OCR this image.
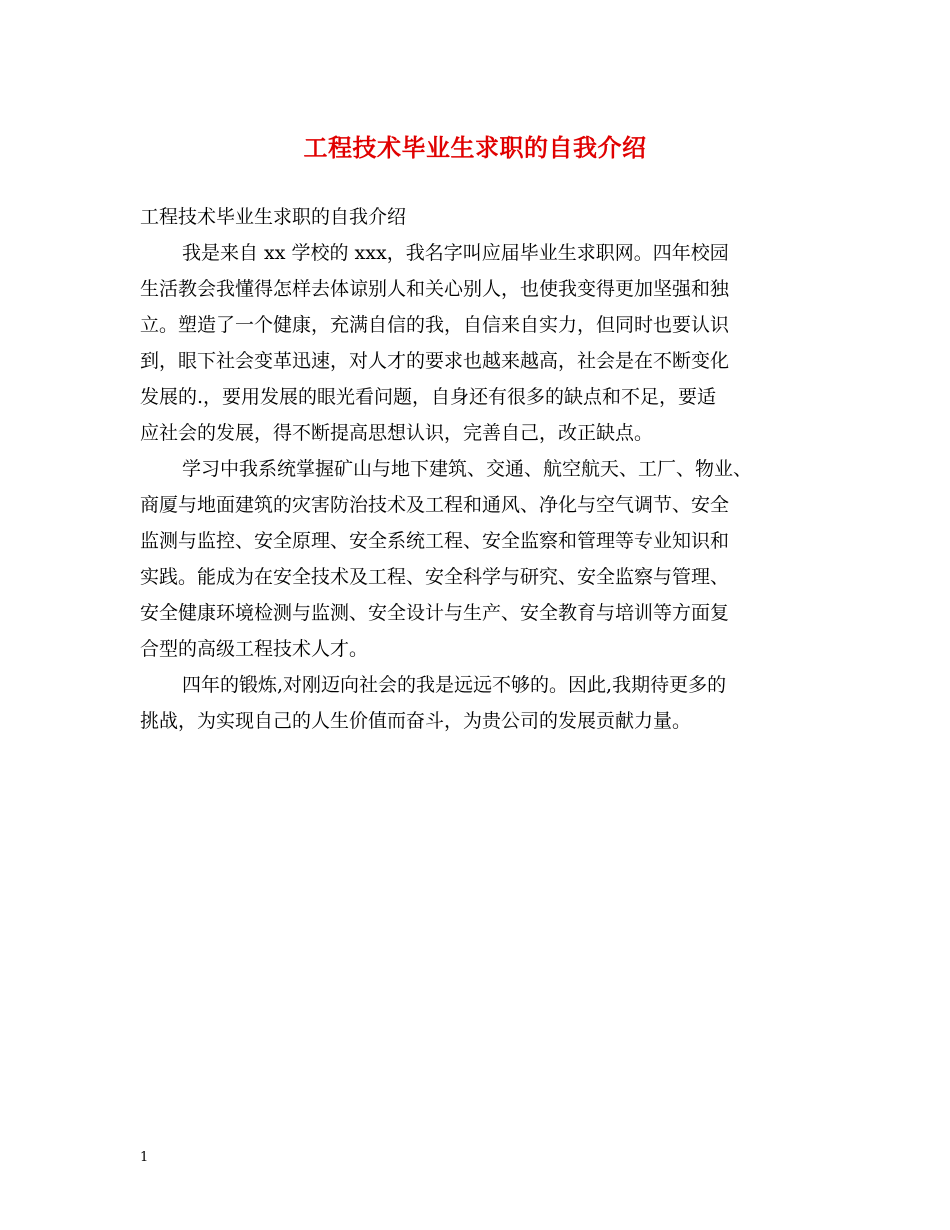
工程技术毕业生求职的自我介绍
工程技术毕业生求职的自我介绍
我是来自 xx 学校的 xxx，我名字叫应届毕业生求职网。四年校园
生活教会我懂得怎样去体谅别人和关心别人，也使我变得更加坚强和独
立。塑造了一个健康，充满自信的我，自信来自实力，但同时也要认识
到，眼下社会变革迅速，对人才的要求也越来越高，社会是在不断变化
发展的.，要用发展的眼光看问题，自身还有很多的缺点和不足，要适
应社会的发展，得不断提高思想认识，完善自己，改正缺点。
学习中我系统掌握矿山与地下建筑、交通、航空航天、工厂、物业、
商厦与地面建筑的灾害防治技术及工程和通风、净化与空气调节、安全
监测与监控、安全原理、安全系统工程、安全监察和管理等专业知识和
实践。能成为在安全技术及工程、安全科学与研究、安全监察与管理、
安全健康环境检测与监测、安全设计与生产、安全教育与培训等方面复
合型的高级工程技术人才。
四年的锻炼,对刚迈向社会的我是远远不够的。因此,我期待更多的
挑战，为实现自己的人生价值而奋斗，为贵公司的发展贡献力量。
1
